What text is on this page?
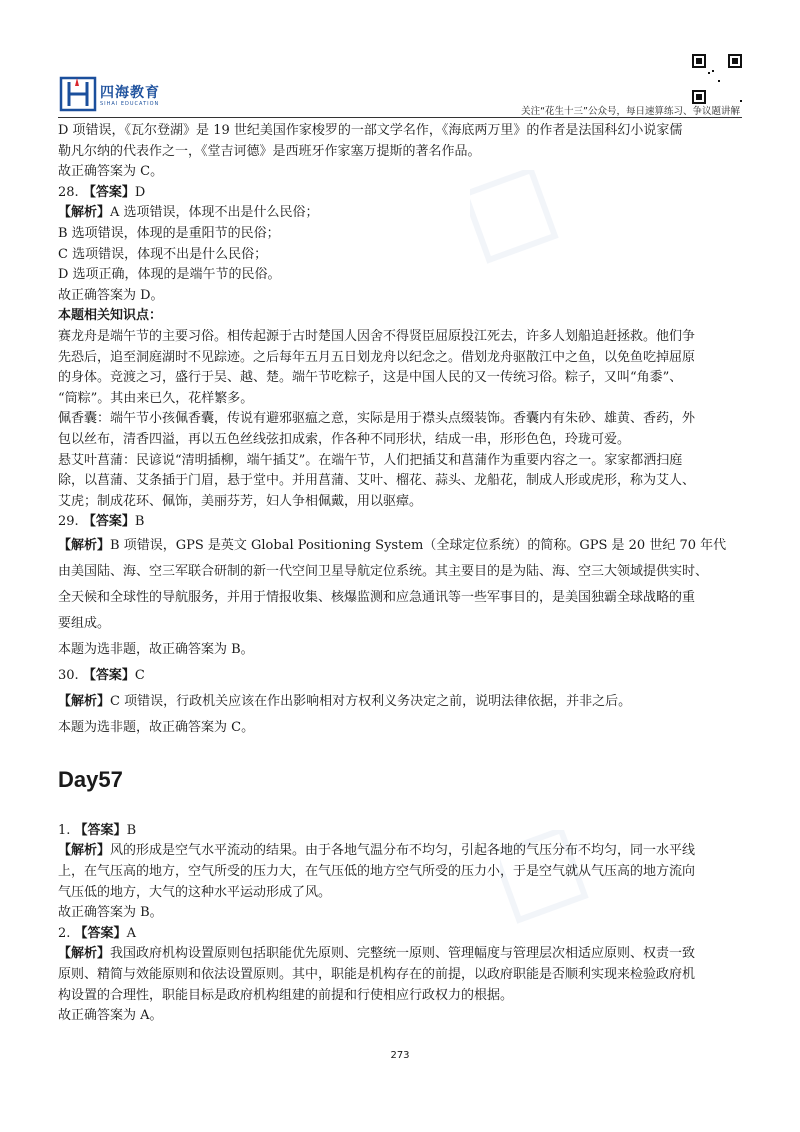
四海教育
SIHAI EDUCATION
关注“花生十三”公众号，每日速算练习、争议题讲解

D 项错误，《瓦尔登湖》是 19 世纪美国作家梭罗的一部文学名作，《海底两万里》的作者是法国科幻小说家儒

勒凡尔纳的代表作之一，《堂吉诃德》是西班牙作家塞万提斯的著名作品。

故正确答案为 C。

28. 【答案】D

【解析】A 选项错误，体现不出是什么民俗；

B 选项错误，体现的是重阳节的民俗；

C 选项错误，体现不出是什么民俗；

D 选项正确，体现的是端午节的民俗。

故正确答案为 D。

本题相关知识点：

赛龙舟是端午节的主要习俗。相传起源于古时楚国人因舍不得贤臣屈原投江死去，许多人划船追赶拯救。他们争

先恐后，追至洞庭湖时不见踪迹。之后每年五月五日划龙舟以纪念之。借划龙舟驱散江中之鱼，以免鱼吃掉屈原

的身体。竞渡之习，盛行于吴、越、楚。端午节吃粽子，这是中国人民的又一传统习俗。粽子，又叫“角黍”、

“筒粽”。其由来已久，花样繁多。

佩香囊：端午节小孩佩香囊，传说有避邪驱瘟之意，实际是用于襟头点缀装饰。香囊内有朱砂、雄黄、香药，外

包以丝布，清香四溢，再以五色丝线弦扣成索，作各种不同形状，结成一串，形形色色，玲珑可爱。

悬艾叶菖蒲：民谚说“清明插柳，端午插艾”。在端午节，人们把插艾和菖蒲作为重要内容之一。家家都洒扫庭

除，以菖蒲、艾条插于门眉，悬于堂中。并用菖蒲、艾叶、榴花、蒜头、龙船花，制成人形或虎形，称为艾人、

艾虎；制成花环、佩饰，美丽芬芳，妇人争相佩戴，用以驱瘴。

29. 【答案】B

【解析】B 项错误，GPS 是英文 Global Positioning System（全球定位系统）的简称。GPS 是 20 世纪 70 年代

由美国陆、海、空三军联合研制的新一代空间卫星导航定位系统。其主要目的是为陆、海、空三大领域提供实时、

全天候和全球性的导航服务，并用于情报收集、核爆监测和应急通讯等一些军事目的，是美国独霸全球战略的重

要组成。

本题为选非题，故正确答案为 B。

30. 【答案】C

【解析】C 项错误，行政机关应该在作出影响相对方权利义务决定之前，说明法律依据，并非之后。

本题为选非题，故正确答案为 C。

Day57

1. 【答案】B

【解析】风的形成是空气水平流动的结果。由于各地气温分布不均匀，引起各地的气压分布不均匀，同一水平线

上，在气压高的地方，空气所受的压力大，在气压低的地方空气所受的压力小，于是空气就从气压高的地方流向

气压低的地方，大气的这种水平运动形成了风。

故正确答案为 B。

2. 【答案】A

【解析】我国政府机构设置原则包括职能优先原则、完整统一原则、管理幅度与管理层次相适应原则、权责一致

原则、精简与效能原则和依法设置原则。其中，职能是机构存在的前提，以政府职能是否顺利实现来检验政府机

构设置的合理性，职能目标是政府机构组建的前提和行使相应行政权力的根据。

故正确答案为 A。

273
